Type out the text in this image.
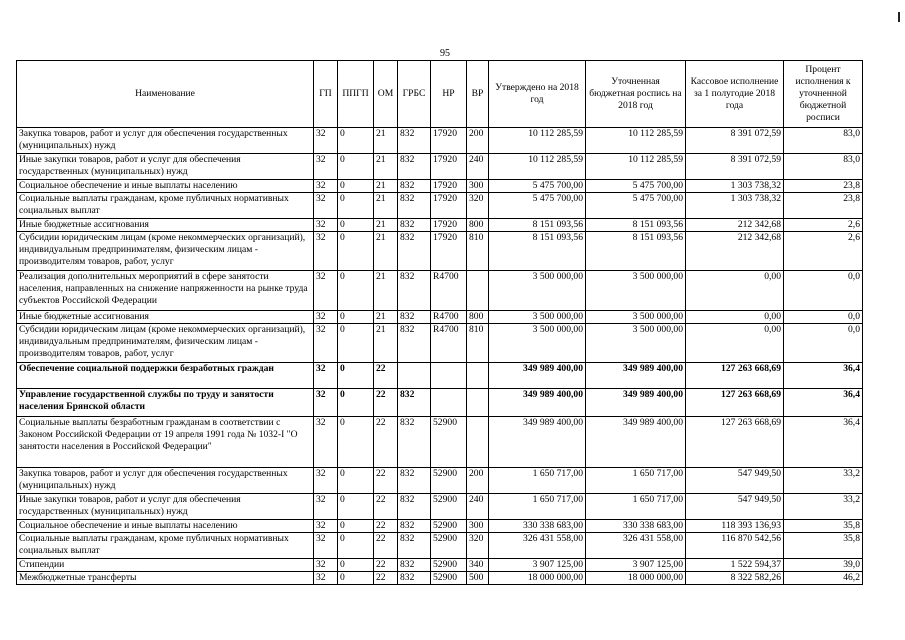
95
Наименование	ГП	ППГП	ОМ	ГРБС	НР	ВР	Утверждено на 2018 год	Уточненная бюджетная роспись на 2018 год	Кассовое исполнение за 1 полугодие 2018 года	Процент исполнения к уточненной бюджетной росписи
Закупка товаров, работ и услуг для обеспечения государственных (муниципальных) нужд	32	0	21	832	17920	200	10 112 285,59	10 112 285,59	8 391 072,59	83,0
Иные закупки товаров, работ и услуг для обеспечения государственных (муниципальных) нужд	32	0	21	832	17920	240	10 112 285,59	10 112 285,59	8 391 072,59	83,0
Социальное обеспечение и иные выплаты населению	32	0	21	832	17920	300	5 475 700,00	5 475 700,00	1 303 738,32	23,8
Социальные выплаты гражданам, кроме публичных нормативных социальных выплат	32	0	21	832	17920	320	5 475 700,00	5 475 700,00	1 303 738,32	23,8
Иные бюджетные ассигнования	32	0	21	832	17920	800	8 151 093,56	8 151 093,56	212 342,68	2,6
Субсидии юридическим лицам (кроме некоммерческих организаций), индивидуальным предпринимателям, физическим лицам - производителям товаров, работ, услуг	32	0	21	832	17920	810	8 151 093,56	8 151 093,56	212 342,68	2,6
Реализация дополнительных мероприятий в сфере занятости населения, направленных на снижение напряженности на рынке труда субъектов Российской Федерации	32	0	21	832	R4700		3 500 000,00	3 500 000,00	0,00	0,0
Иные бюджетные ассигнования	32	0	21	832	R4700	800	3 500 000,00	3 500 000,00	0,00	0,0
Субсидии юридическим лицам (кроме некоммерческих организаций), индивидуальным предпринимателям, физическим лицам - производителям товаров, работ, услуг	32	0	21	832	R4700	810	3 500 000,00	3 500 000,00	0,00	0,0
Обеспечение социальной поддержки безработных граждан	32	0	22				349 989 400,00	349 989 400,00	127 263 668,69	36,4
Управление государственной службы по труду и занятости населения Брянской области	32	0	22	832			349 989 400,00	349 989 400,00	127 263 668,69	36,4
Социальные выплаты безработным гражданам в соответствии с Законом Российской Федерации от 19 апреля 1991 года № 1032-I "О занятости населения в Российской Федерации"	32	0	22	832	52900		349 989 400,00	349 989 400,00	127 263 668,69	36,4
Закупка товаров, работ и услуг для обеспечения государственных (муниципальных) нужд	32	0	22	832	52900	200	1 650 717,00	1 650 717,00	547 949,50	33,2
Иные закупки товаров, работ и услуг для обеспечения государственных (муниципальных) нужд	32	0	22	832	52900	240	1 650 717,00	1 650 717,00	547 949,50	33,2
Социальное обеспечение и иные выплаты населению	32	0	22	832	52900	300	330 338 683,00	330 338 683,00	118 393 136,93	35,8
Социальные выплаты гражданам, кроме публичных нормативных социальных выплат	32	0	22	832	52900	320	326 431 558,00	326 431 558,00	116 870 542,56	35,8
Стипендии	32	0	22	832	52900	340	3 907 125,00	3 907 125,00	1 522 594,37	39,0
Межбюджетные трансферты	32	0	22	832	52900	500	18 000 000,00	18 000 000,00	8 322 582,26	46,2
